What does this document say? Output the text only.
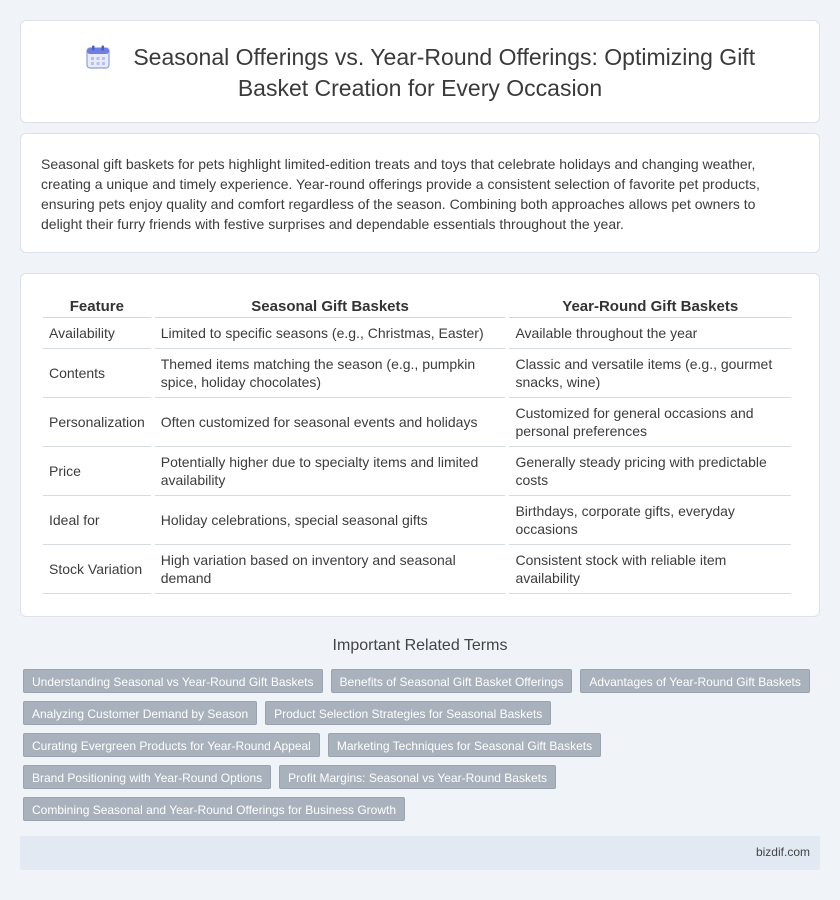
Seasonal Offerings vs. Year-Round Offerings: Optimizing Gift Basket Creation for Every Occasion

Seasonal gift baskets for pets highlight limited-edition treats and toys that celebrate holidays and changing weather, creating a unique and timely experience. Year-round offerings provide a consistent selection of favorite pet products, ensuring pets enjoy quality and comfort regardless of the season. Combining both approaches allows pet owners to delight their furry friends with festive surprises and dependable essentials throughout the year.

Feature	Seasonal Gift Baskets	Year-Round Gift Baskets
Availability	Limited to specific seasons (e.g., Christmas, Easter)	Available throughout the year
Contents	Themed items matching the season (e.g., pumpkin spice, holiday chocolates)	Classic and versatile items (e.g., gourmet snacks, wine)
Personalization	Often customized for seasonal events and holidays	Customized for general occasions and personal preferences
Price	Potentially higher due to specialty items and limited availability	Generally steady pricing with predictable costs
Ideal for	Holiday celebrations, special seasonal gifts	Birthdays, corporate gifts, everyday occasions
Stock Variation	High variation based on inventory and seasonal demand	Consistent stock with reliable item availability
Important Related Terms
Understanding Seasonal vs Year-Round Gift Baskets	Benefits of Seasonal Gift Basket Offerings	Advantages of Year-Round Gift Baskets
Analyzing Customer Demand by Season	Product Selection Strategies for Seasonal Baskets
Curating Evergreen Products for Year-Round Appeal	Marketing Techniques for Seasonal Gift Baskets
Brand Positioning with Year-Round Options	Profit Margins: Seasonal vs Year-Round Baskets
Combining Seasonal and Year-Round Offerings for Business Growth
bizdif.com
